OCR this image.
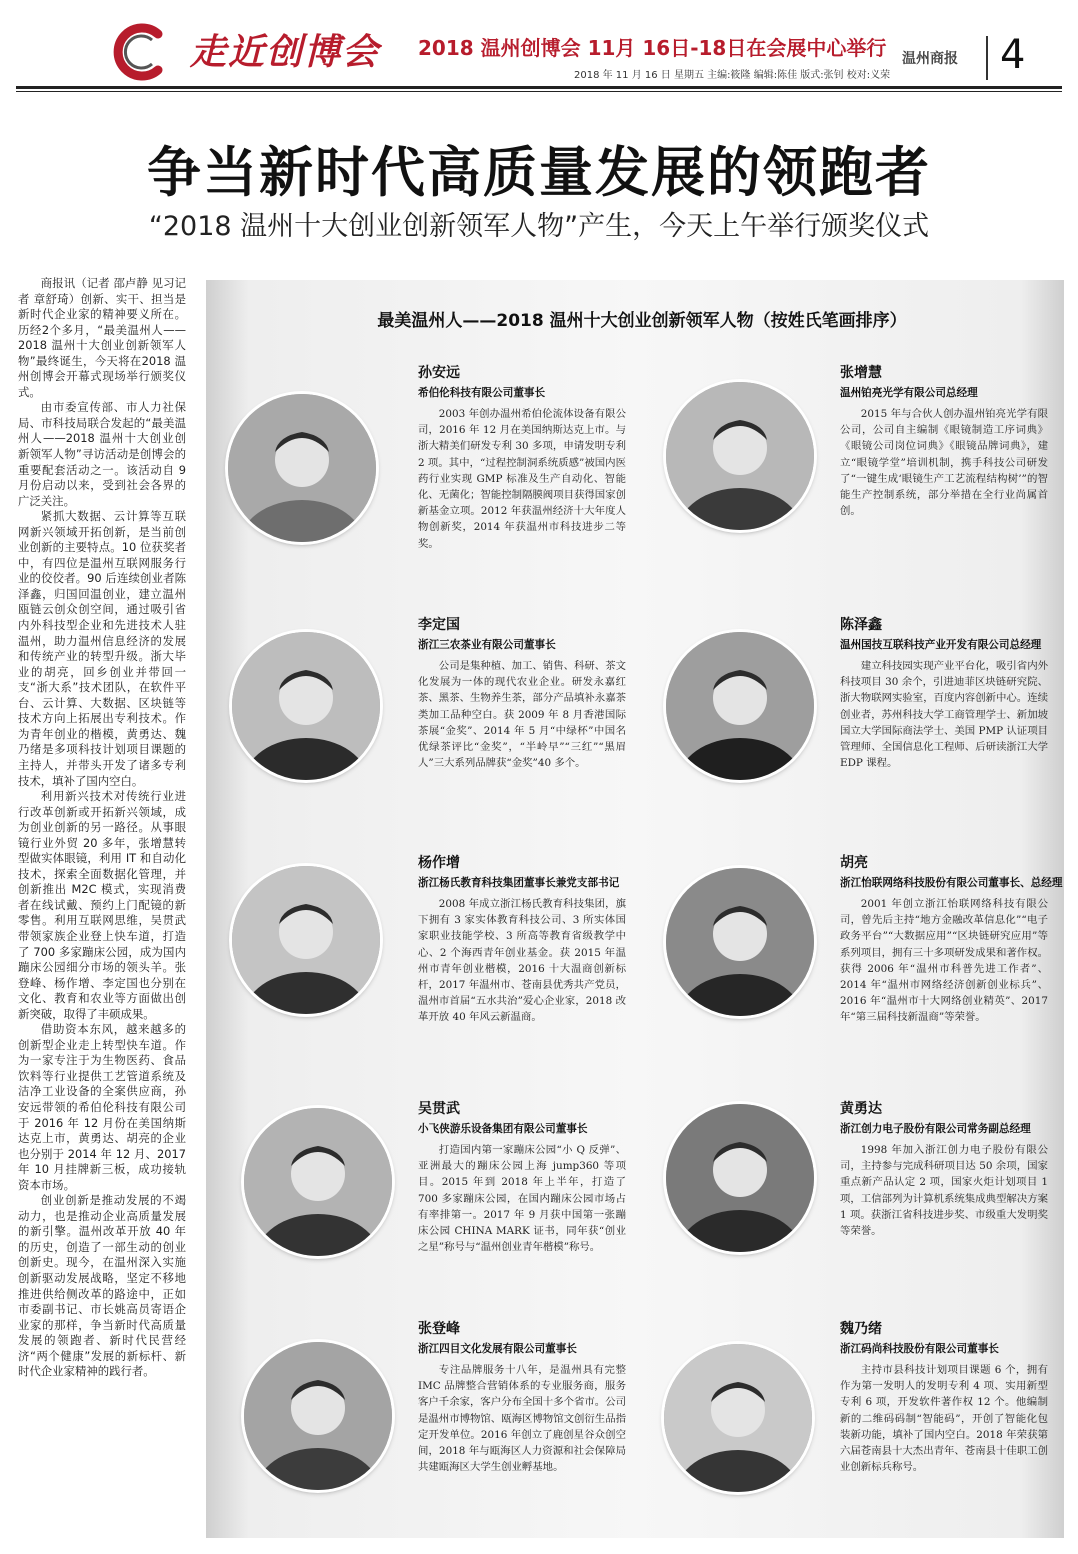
走近创博会 2018 温州创博会 11月 16日-18日在会展中心举行 温州商报 4
2018 年 11 月 16 日 星期五 主编:筱隆 编辑:陈佳 版式:张钊 校对:义荣
争当新时代高质量发展的领跑者
“2018 温州十大创业创新领军人物”产生，今天上午举行颁奖仪式

商报讯（记者 邵卢静 见习记者 章舒琦）创新、实干、担当是新时代企业家的精神要义所在。历经2个多月，“最美温州人——2018 温州十大创业创新领军人物”最终诞生，今天将在2018 温州创博会开幕式现场举行颁奖仪式。

由市委宣传部、市人力社保局、市科技局联合发起的“最美温州人——2018 温州十大创业创新领军人物”寻访活动是创博会的重要配套活动之一。该活动自 9 月份启动以来，受到社会各界的广泛关注。

紧抓大数据、云计算等互联网新兴领域开拓创新，是当前创业创新的主要特点。10 位获奖者中，有四位是温州互联网服务行业的佼佼者。90 后连续创业者陈泽鑫，归国回温创业，建立温州瓯链云创众创空间，通过吸引省内外科技型企业和先进技术人驻温州，助力温州信息经济的发展和传统产业的转型升级。浙大毕业的胡亮，回乡创业并带回一支“浙大系”技术团队，在软件平台、云计算、大数据、区块链等技术方向上拓展出专利技术。作为青年创业的楷模，黄勇达、魏乃绪是多项科技计划项目课题的主持人，并带头开发了诸多专利技术，填补了国内空白。

利用新兴技术对传统行业进行改革创新或开拓新兴领域，成为创业创新的另一路径。从事眼镜行业外贸 20 多年，张增慧转型做实体眼镜，利用 IT 和自动化技术，探索全面数据化管理，并创新推出 M2C 模式，实现消费者在线试戴、预约上门配镜的新零售。利用互联网思维，吴贯武带领家族企业登上快车道，打造了 700 多家蹦床公园，成为国内蹦床公园细分市场的领头羊。张登峰、杨作增、李定国也分别在文化、教育和农业等方面做出创新突破，取得了丰硕成果。

借助资本东风，越来越多的创新型企业走上转型快车道。作为一家专注于为生物医药、食品饮料等行业提供工艺管道系统及洁净工业设备的全案供应商，孙安远带领的希伯伦科技有限公司于 2016 年 12 月份在美国纳斯达克上市，黄勇达、胡亮的企业也分别于 2014 年 12 月、2017 年 10 月挂牌新三板，成功接轨资本市场。

创业创新是推动发展的不竭动力，也是推动企业高质量发展的新引擎。温州改革开放 40 年的历史，创造了一部生动的创业创新史。现今，在温州深入实施创新驱动发展战略，坚定不移地推进供给侧改革的路途中，正如市委副书记、市长姚高员寄语企业家的那样，争当新时代高质量发展的领跑者、新时代民营经济“两个健康”发展的新标杆、新时代企业家精神的践行者。

最美温州人——2018 温州十大创业创新领军人物（按姓氏笔画排序）
孙安远
希伯伦科技有限公司董事长

2003 年创办温州希伯伦流体设备有限公司，2016 年 12 月在美国纳斯达克上市。与浙大精美们研发专利 30 多项，申请发明专利 2 项。其中，“过程控制洞系统质感”被国内医药行业实现 GMP 标准及生产自动化、智能化、无菌化；智能控制隔膜阀项目获得国家创新基金立项。2012 年获温州经济十大年度人物创新奖，2014 年获温州市科技进步二等奖。

张增慧
温州铂亮光学有限公司总经理

2015 年与合伙人创办温州铂亮光学有限公司，公司自主编制《眼镜制造工序词典》《眼镜公司岗位词典》《眼镜品牌词典》，建立“眼镜学堂”培训机制，携手科技公司研发了“一键生成‘眼镜生产工艺流程结构树’”的智能生产控制系统，部分举措在全行业尚属首创。

李定国
浙江三农茶业有限公司董事长

公司是集种植、加工、销售、科研、茶文化发展为一体的现代农业企业。研发永嘉红茶、黑茶、生物养生茶，部分产品填补永嘉茶类加工品种空白。获 2009 年 8 月香港国际茶展“金奖”、2014 年 5 月“中绿杯”中国名优绿茶评比“金奖”，“半岭早”“三红”“黑眉人”三大系列品牌获“金奖”40 多个。

陈泽鑫
温州国技互联科技产业开发有限公司总经理

建立科技园实现产业平台化，吸引省内外科技项目 30 余个，引进迪菲区块链研究院、浙大物联网实验室，百度内容创新中心。连续创业者，苏州科技大学工商管理学士、新加坡国立大学国际商法学士、美国 PMP 认证项目管理师、全国信息化工程师、后研读浙江大学 EDP 课程。

杨作增
浙江杨氏教育科技集团董事长兼党支部书记

2008 年成立浙江杨氏教育科技集团，旗下拥有 3 家实体教育科技公司、3 所实体国家职业技能学校、3 所高等教育省级教学中心、2 个海西青年创业基金。获 2015 年温州市青年创业楷模，2016 十大温商创新标杆，2017 年温州市、苍南县优秀共产党员，温州市首届“五水共治”爱心企业家，2018 改革开放 40 年风云新温商。

胡亮
浙江怡联网络科技股份有限公司董事长、总经理

2001 年创立浙江怡联网络科技有限公司，曾先后主持“地方金融改革信息化”“电子政务平台”“大数据应用”“区块链研究应用”等系列项目，拥有三十多项研发成果和著作权。获得 2006 年“温州市科普先进工作者”、2014 年“温州市网络经济创新创业标兵”、2016 年“温州市十大网络创业精英”、2017 年“第三届科技新温商”等荣誉。

吴贯武
小飞侠游乐设备集团有限公司董事长

打造国内第一家蹦床公园“小 Q 反弹”、亚洲最大的蹦床公园上海 jump360 等项目。2015 年到 2018 年上半年，打造了 700 多家蹦床公园，在国内蹦床公园市场占有率排第一。2017 年 9 月获中国第一张蹦床公园 CHINA MARK 证书，同年获“创业之星”称号与“温州创业青年楷模”称号。

黄勇达
浙江创力电子股份有限公司常务副总经理

1998 年加入浙江创力电子股份有限公司，主持参与完成科研项目达 50 余项，国家重点新产品认定 2 项，国家火炬计划项目 1 项，工信部列为计算机系统集成典型解决方案 1 项。获浙江省科技进步奖、市级重大发明奖等荣誉。

张登峰
浙江四目文化发展有限公司董事长

专注品牌服务十八年，是温州具有完整 IMC 品牌整合营销体系的专业服务商，服务客户千余家，客户分布全国十多个省市。公司是温州市博物馆、瓯海区博物馆文创衍生品指定开发单位。2016 年创立了鹿创星谷众创空间，2018 年与瓯海区人力资源和社会保障局共建瓯海区大学生创业孵基地。

魏乃绪
浙江码尚科技股份有限公司董事长

主持市县科技计划项目课题 6 个，拥有作为第一发明人的发明专利 4 项、实用新型专利 6 项，开发软件著作权 12 个。他编制新的二维码码制“智能码”，开创了智能化包装新功能，填补了国内空白。2018 年荣获第六届苍南县十大杰出青年、苍南县十佳职工创业创新标兵称号。
